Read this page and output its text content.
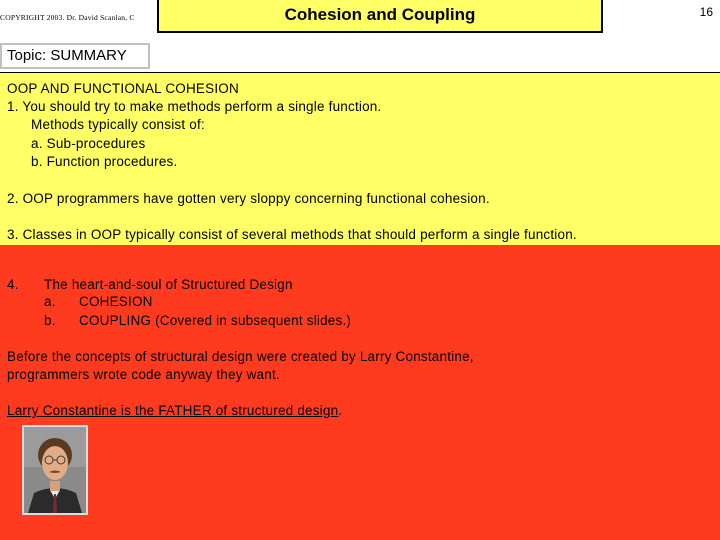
COPYRIGHT 2003. Dr. David Scanlan, C	Cohesion and Coupling	16
Topic: SUMMARY
OOP AND FUNCTIONAL COHESION
1. You should try to make methods perform a single function.
Methods typically consist of:
a. Sub-procedures
b. Function procedures.
2. OOP programmers have gotten very sloppy concerning functional cohesion.
3. Classes in OOP typically consist of several methods that should perform a single function.
4. The heart-and-soul of Structured Design
a. COHESION
b. COUPLING (Covered in subsequent slides.)
Before the concepts of structural design were created by Larry Constantine,
programmers wrote code anyway they want.
Larry Constantine is the FATHER of structured design.
